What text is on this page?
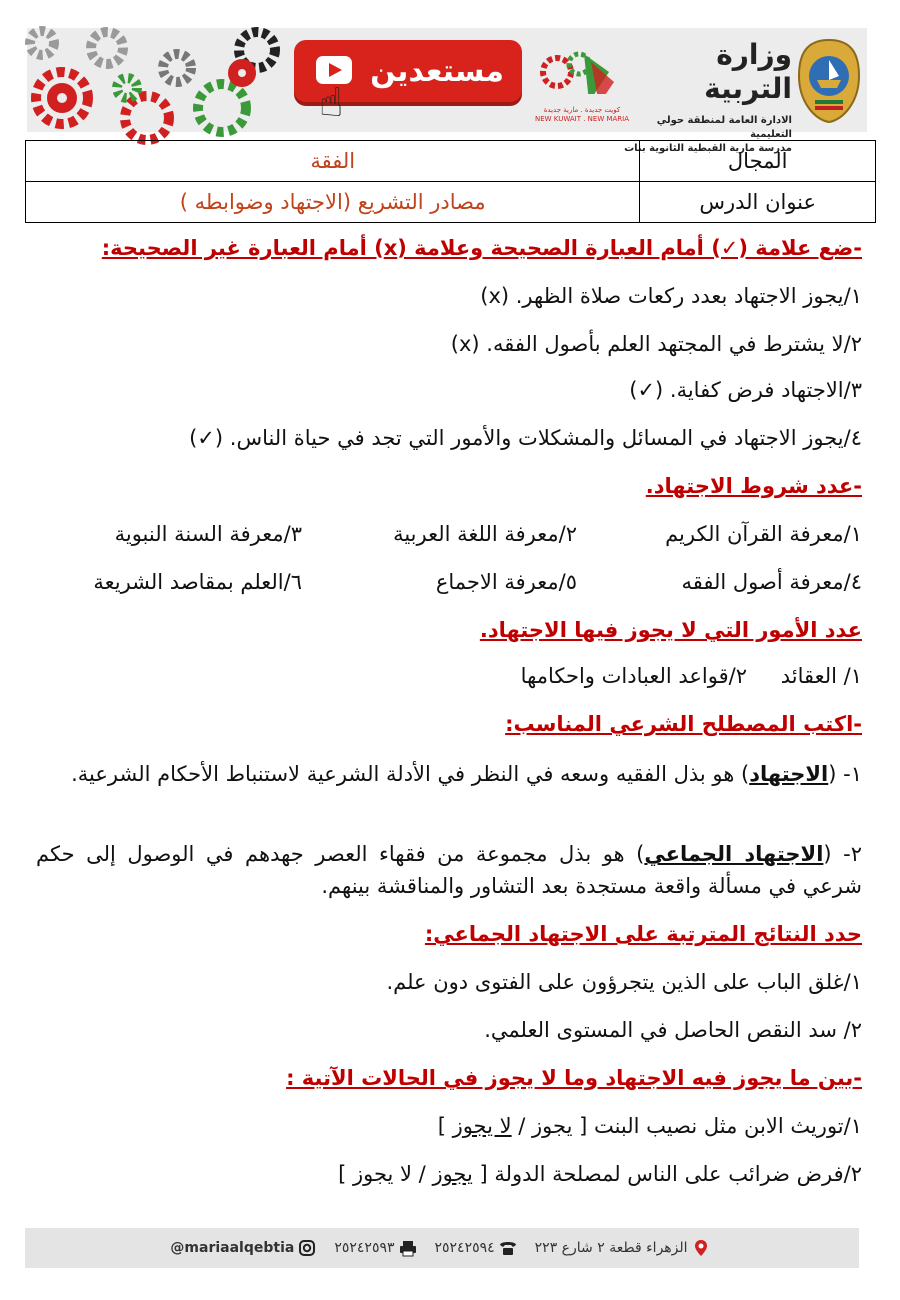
مستعدين
☝	كويت جديدة . مارية جديدة
NEW KUWAIT . NEW MARIA
وزارة التربية
الادارة العامة لمنطقة حولي التعليمية
مدرسة مارية القبطية الثانوية بنات
المجال	الفقة
عنوان الدرس	مصادر التشريع (الاجتهاد وضوابطه )
-ضع علامة (✓) أمام العبارة الصحيحة وعلامة (x) أمام العبارة غير الصحيحة:
١/يجوز الاجتهاد بعدد ركعات صلاة الظهر. (x)
٢/لا يشترط في المجتهد العلم بأصول الفقه. (x)
٣/الاجتهاد فرض كفاية. (✓)
٤/يجوز الاجتهاد في المسائل والمشكلات والأمور التي تجد في حياة الناس. (✓)
-عدد شروط الاجتهاد.
١/معرفة القرآن الكريم
٢/معرفة اللغة العربية
٣/معرفة السنة النبوية
٤/معرفة أصول الفقه
٥/معرفة الاجماع
٦/العلم بمقاصد الشريعة
عدد الأمور التي لا يجوز فيها الاجتهاد.
١/ العقائد
٢/قواعد العبادات واحكامها
-اكتب المصطلح الشرعي المناسب:
١- (الاجتهاد) هو بذل الفقيه وسعه في النظر في الأدلة الشرعية لاستنباط الأحكام الشرعية.
٢- (الاجتهاد الجماعي) هو بذل مجموعة من فقهاء العصر جهدهم في الوصول إلى حكم شرعي في مسألة واقعة مستجدة بعد التشاور والمناقشة بينهم.
حدد النتائج المترتبة على الاجتهاد الجماعي:
١/غلق الباب على الذين يتجرؤون على الفتوى دون علم.
٢/ سد النقص الحاصل في المستوى العلمي.
-بين ما يجوز فيه الاجتهاد وما لا يجوز في الحالات الآتية :
١/توريث الابن مثل نصيب البنت [ يجوز / لا يجوز ]
٢/فرض ضرائب على الناس لمصلحة الدولة [ يجوز / لا يجوز ]
@mariaalqebtia	٢٥٢٤٢٥٩٣	٢٥٢٤٢٥٩٤	الزهراء قطعة ٢ شارع ٢٢٣
